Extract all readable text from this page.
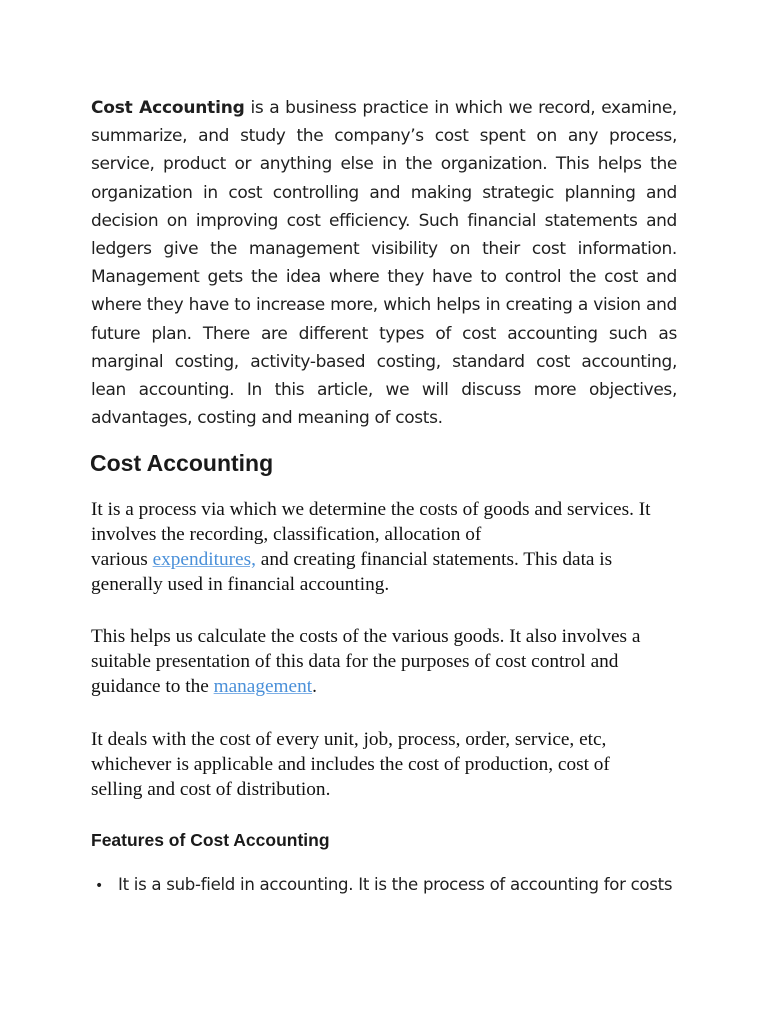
Cost Accounting is a business practice in which we record, examine, summarize, and study the company’s cost spent on any process, service, product or anything else in the organization. This helps the organization in cost controlling and making strategic planning and decision on improving cost efficiency. Such financial statements and ledgers give the management visibility on their cost information. Management gets the idea where they have to control the cost and where they have to increase more, which helps in creating a vision and future plan. There are different types of cost accounting such as marginal costing, activity-based costing, standard cost accounting, lean accounting. In this article, we will discuss more objectives, advantages, costing and meaning of costs.

Cost Accounting

It is a process via which we determine the costs of goods and services. It
involves the recording, classification, allocation of
various expenditures, and creating financial statements. This data is
generally used in financial accounting.

This helps us calculate the costs of the various goods. It also involves a
suitable presentation of this data for the purposes of cost control and
guidance to the management.

It deals with the cost of every unit, job, process, order, service, etc,
whichever is applicable and includes the cost of production, cost of
selling and cost of distribution.

Features of Cost Accounting
• It is a sub-field in accounting. It is the process of accounting for costs
